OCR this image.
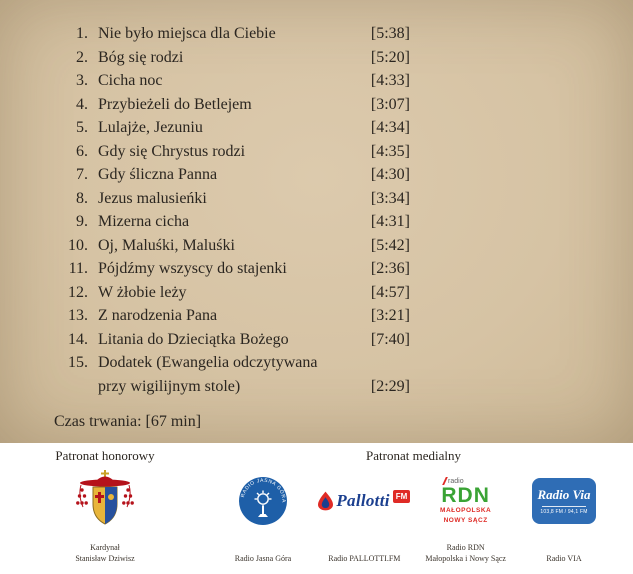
1. Nie było miejsca dla Ciebie	[5:38]
2. Bóg się rodzi	[5:20]
3. Cicha noc	[4:33]
4. Przybieżeli do Betlejem	[3:07]
5. Lulajże, Jezuniu	[4:34]
6. Gdy się Chrystus rodzi	[4:35]
7. Gdy śliczna Panna	[4:30]
8. Jezus malusieńki	[3:34]
9. Mizerna cicha	[4:31]
10. Oj, Maluśki, Maluśki	[5:42]
11. Pójdźmy wszyscy do stajenki	[2:36]
12. W żłobie leży	[4:57]
13. Z narodzenia Pana	[3:21]
14. Litania do Dzieciątka Bożego	[7:40]
15. Dodatek (Ewangelia odczytywana
przy wigilijnym stole)	[2:29]
Czas trwania: [67 min]
Patronat honorowy
Kardynał
Stanisław Dziwisz
Patronat medialny
RADIO JASNA GÓRA
Radio Jasna Góra
Pallotti FM
Radio PALLOTTI.FM
radio
RDN
MAŁOPOLSKA
NOWY SĄCZ
Radio RDN
Małopolska i Nowy Sącz
Radio Via
103,8 FM / 94,1 FM
Radio VIA
